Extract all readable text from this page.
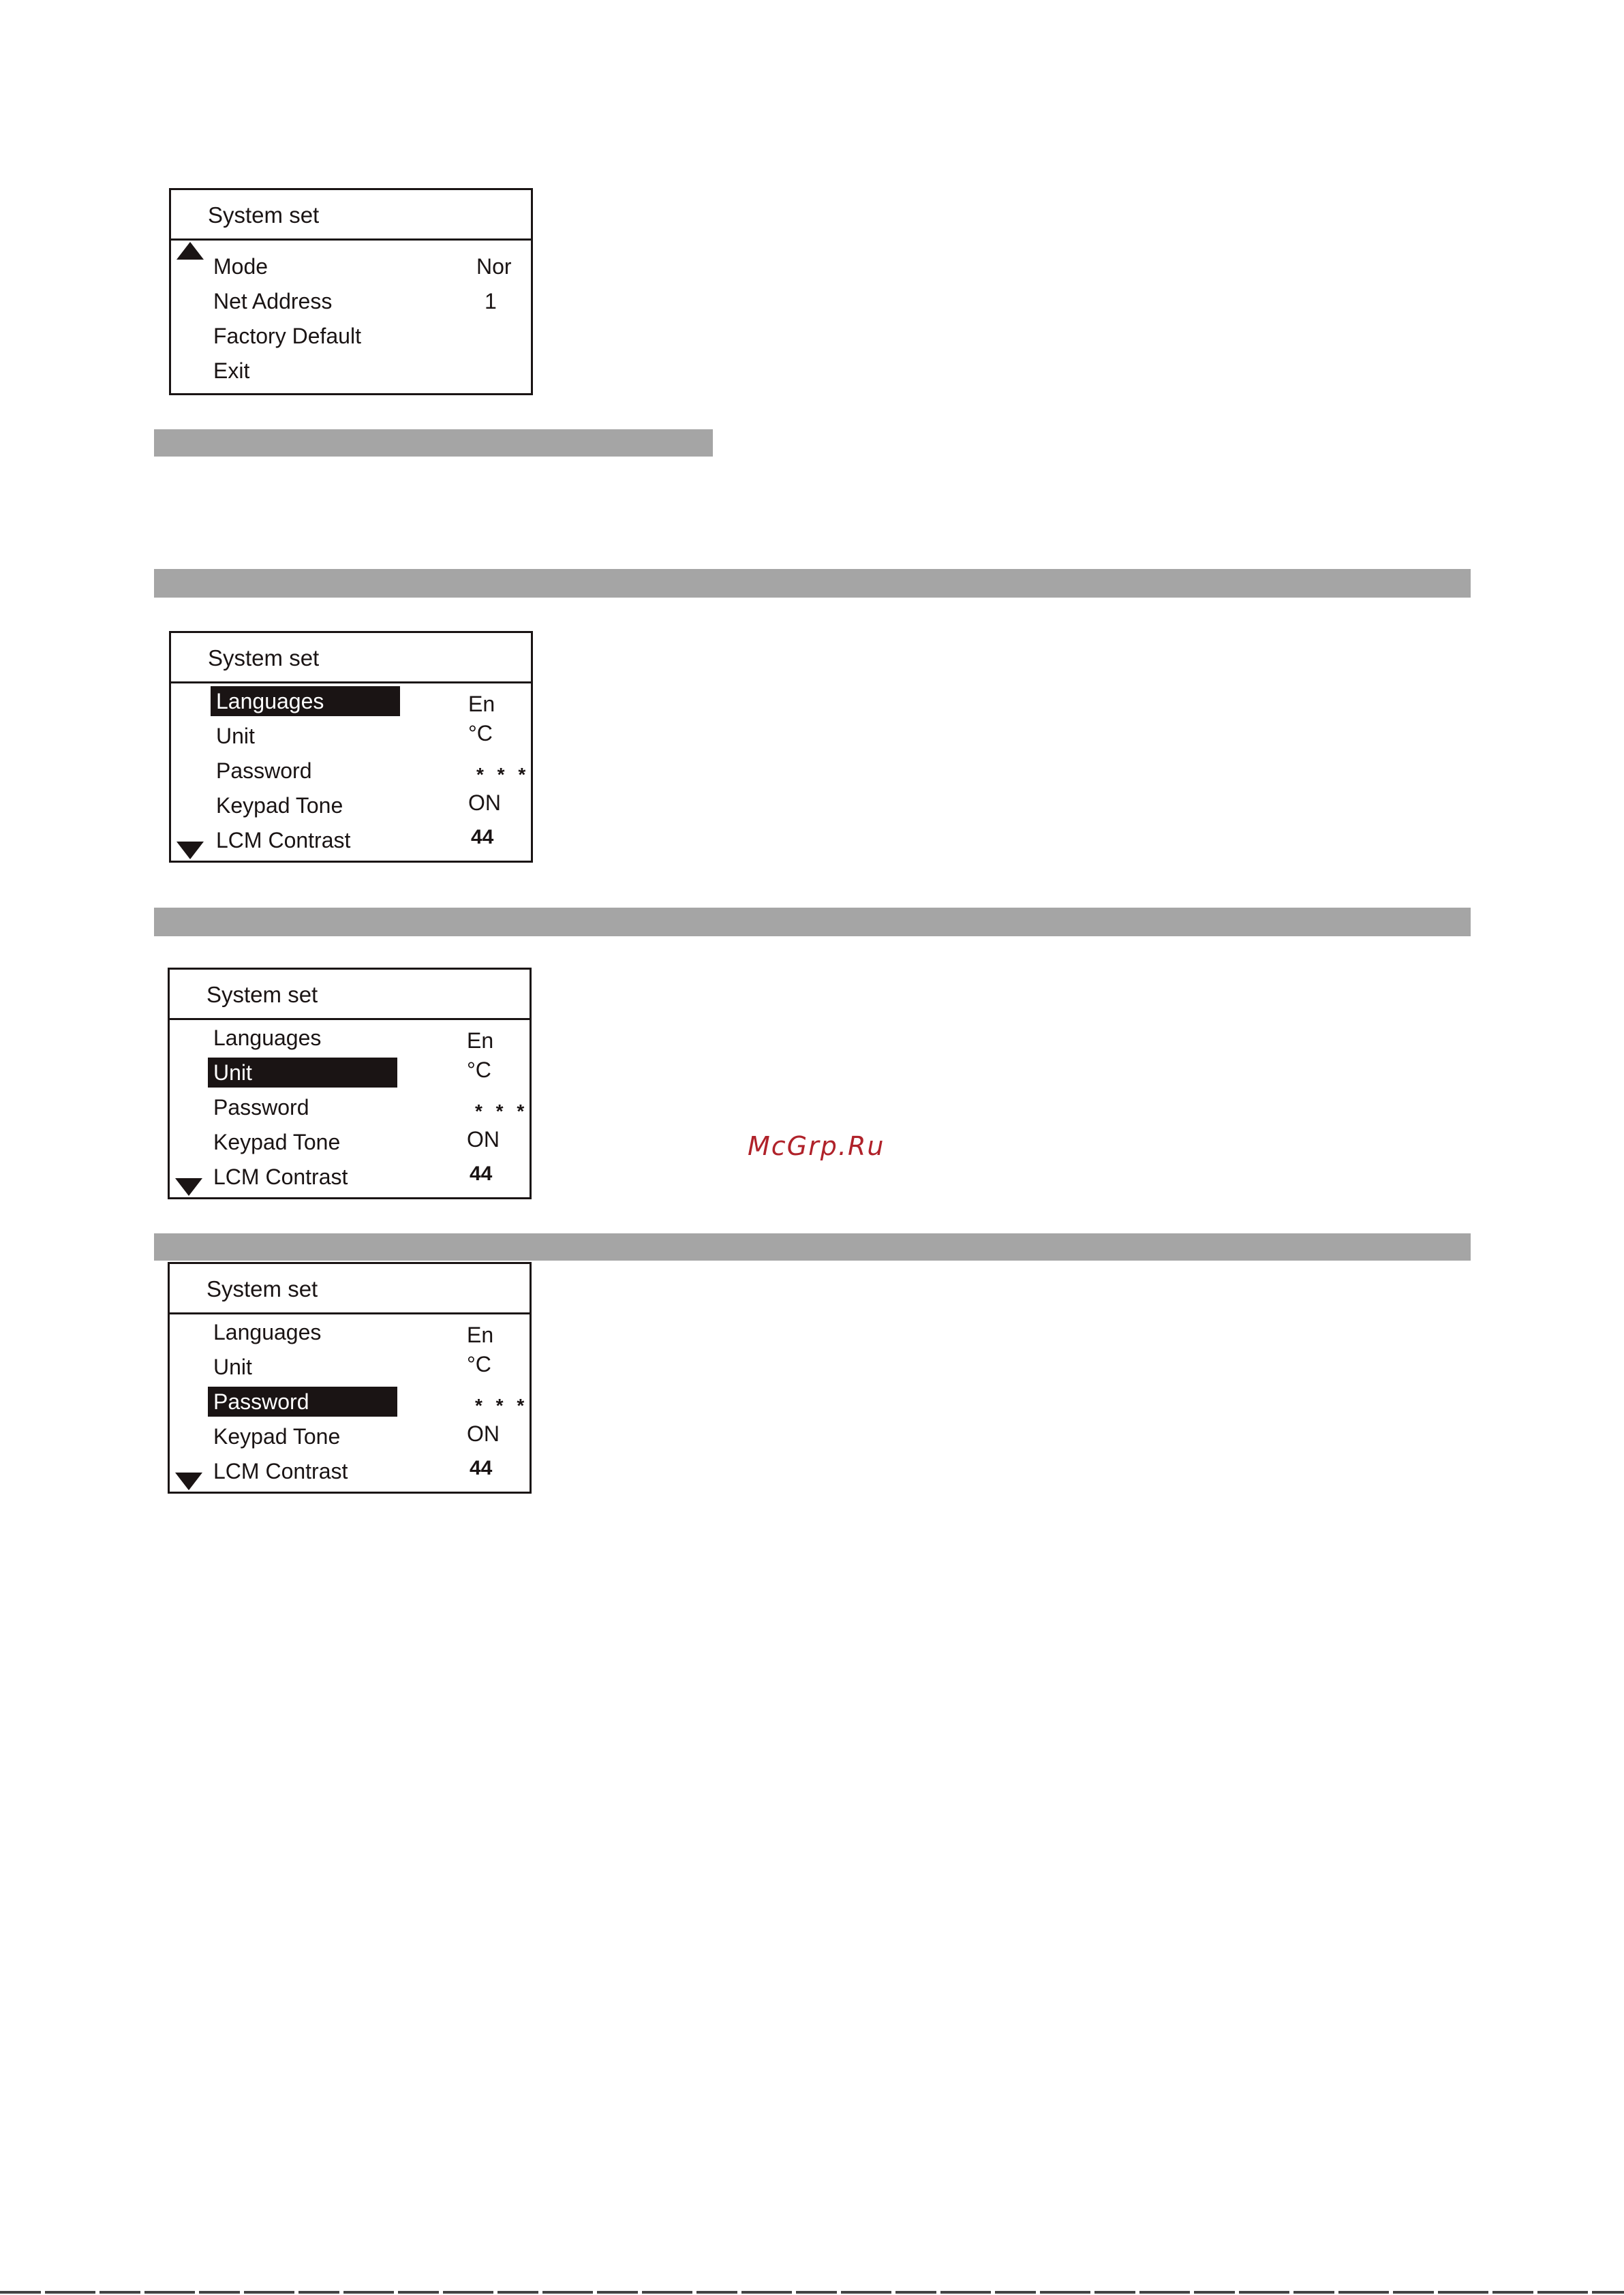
System set
Mode	Nor
Net Address	1
Factory Default
Exit
System set
Languages	En
Unit	°C
Password	* * *
Keypad Tone	ON
LCM Contrast	44
System set
Languages	En
Unit	°C
Password	* * *
Keypad Tone	ON
LCM Contrast	44
McGrp.Ru
System set
Languages	En
Unit	°C
Password	* * *
Keypad Tone	ON
LCM Contrast	44
